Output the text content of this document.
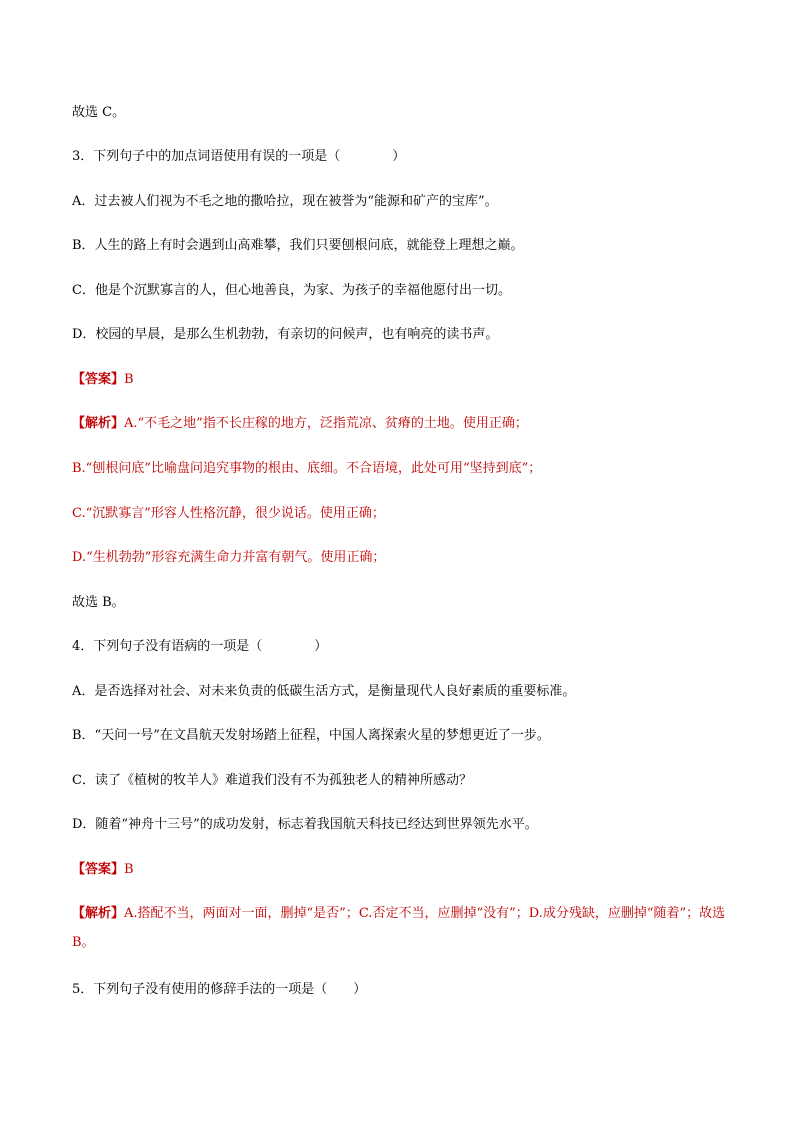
故选 C。
3．下列句子中的加点词语使用有误的一项是（　　　　）
A．过去被人们视为不毛之地的撒哈拉，现在被誉为“能源和矿产的宝库”。
B．人生的路上有时会遇到山高难攀，我们只要刨根问底，就能登上理想之巅。
C．他是个沉默寡言的人，但心地善良，为家、为孩子的幸福他愿付出一切。
D．校园的早晨，是那么生机勃勃，有亲切的问候声，也有响亮的读书声。
【答案】B
【解析】A.“不毛之地”指不长庄稼的地方，泛指荒凉、贫瘠的土地。使用正确；
B.“刨根问底”比喻盘问追究事物的根由、底细。不合语境，此处可用“坚持到底”；
C.“沉默寡言”形容人性格沉静，很少说话。使用正确；
D.“生机勃勃”形容充满生命力并富有朝气。使用正确；
故选 B。
4．下列句子没有语病的一项是（　　　　）
A．是否选择对社会、对未来负责的低碳生活方式，是衡量现代人良好素质的重要标准。
B．“天问一号”在文昌航天发射场踏上征程，中国人离探索火星的梦想更近了一步。
C．读了《植树的牧羊人》难道我们没有不为孤独老人的精神所感动？
D．随着“神舟十三号”的成功发射，标志着我国航天科技已经达到世界领先水平。
【答案】B
【解析】A.搭配不当，两面对一面，删掉“是否”；C.否定不当，应删掉“没有”；D.成分残缺，应删掉“随着”；故选 B。
5．下列句子没有使用的修辞手法的一项是（　　）
